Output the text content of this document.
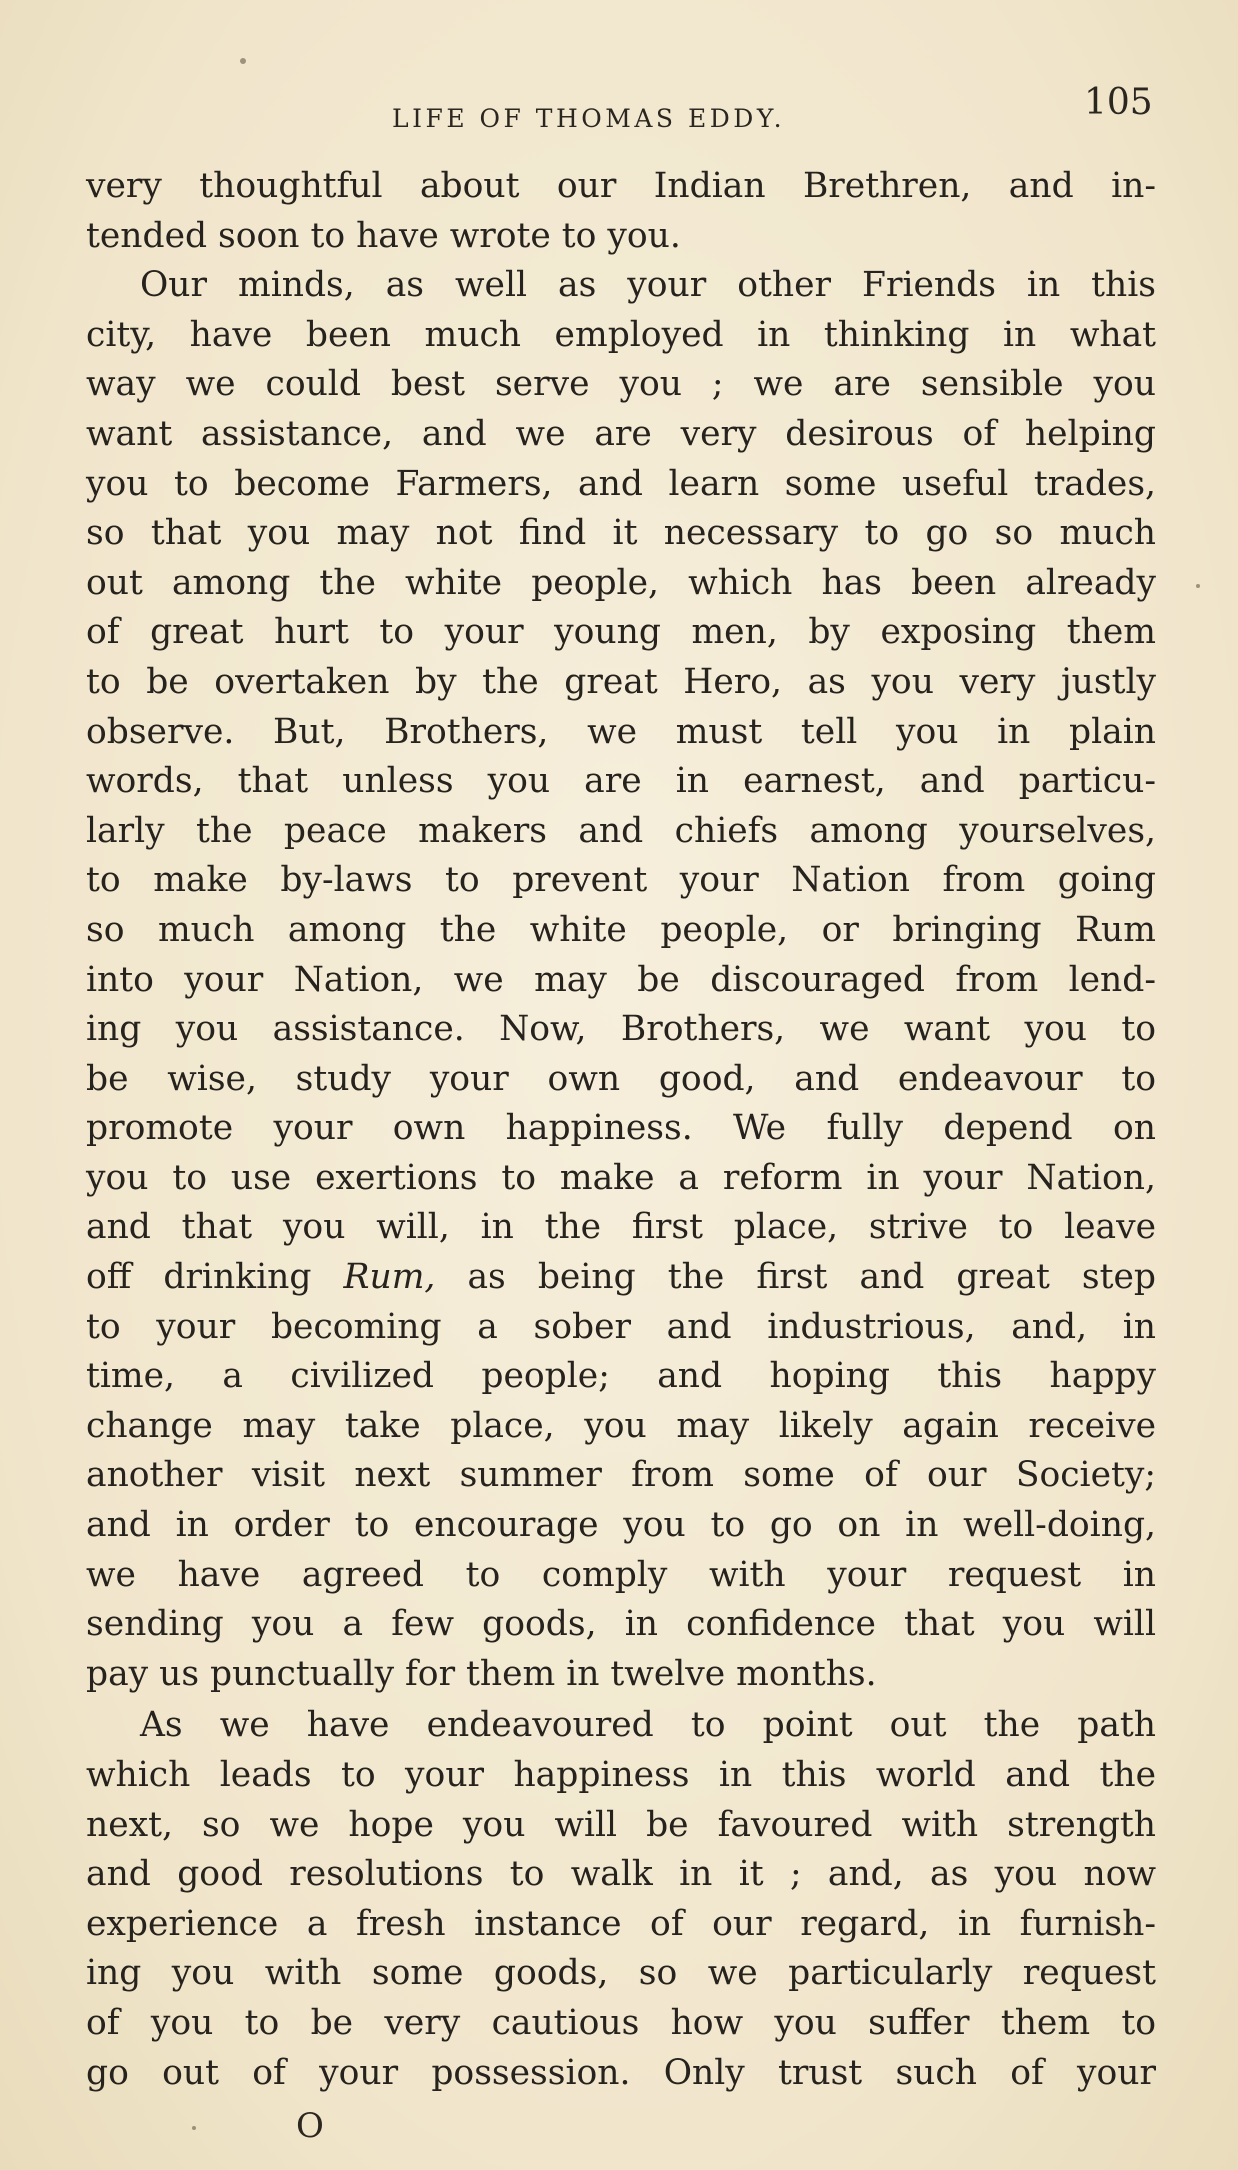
LIFE OF THOMAS EDDY.	105
very thoughtful about our Indian Brethren, and in-
tended soon to have wrote to you.
Our minds, as well as your other Friends in this
city, have been much employed in thinking in what
way we could best serve you ; we are sensible you
want assistance, and we are very desirous of helping
you to become Farmers, and learn some useful trades,
so that you may not find it necessary to go so much
out among the white people, which has been already
of great hurt to your young men, by exposing them
to be overtaken by the great Hero, as you very justly
observe. But, Brothers, we must tell you in plain
words, that unless you are in earnest, and particu-
larly the peace makers and chiefs among yourselves,
to make by-laws to prevent your Nation from going
so much among the white people, or bringing Rum
into your Nation, we may be discouraged from lend-
ing you assistance. Now, Brothers, we want you to
be wise, study your own good, and endeavour to
promote your own happiness. We fully depend on
you to use exertions to make a reform in your Nation,
and that you will, in the first place, strive to leave
off drinking Rum, as being the first and great step
to your becoming a sober and industrious, and, in
time, a civilized people; and hoping this happy
change may take place, you may likely again receive
another visit next summer from some of our Society;
and in order to encourage you to go on in well-doing,
we have agreed to comply with your request in
sending you a few goods, in confidence that you will
pay us punctually for them in twelve months.
As we have endeavoured to point out the path
which leads to your happiness in this world and the
next, so we hope you will be favoured with strength
and good resolutions to walk in it ; and, as you now
experience a fresh instance of our regard, in furnish-
ing you with some goods, so we particularly request
of you to be very cautious how you suffer them to
go out of your possession. Only trust such of your
O
